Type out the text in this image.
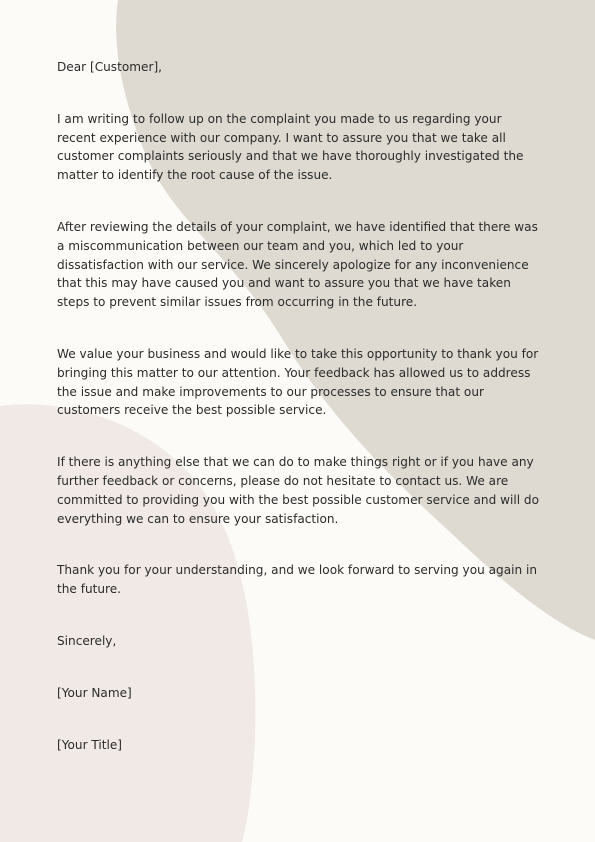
Dear [Customer],

I am writing to follow up on the complaint you made to us regarding your recent experience with our company. I want to assure you that we take all customer complaints seriously and that we have thoroughly investigated the matter to identify the root cause of the issue.

After reviewing the details of your complaint, we have identified that there was a miscommunication between our team and you, which led to your dissatisfaction with our service. We sincerely apologize for any inconvenience that this may have caused you and want to assure you that we have taken steps to prevent similar issues from occurring in the future.

We value your business and would like to take this opportunity to thank you for bringing this matter to our attention. Your feedback has allowed us to address the issue and make improvements to our processes to ensure that our customers receive the best possible service.

If there is anything else that we can do to make things right or if you have any further feedback or concerns, please do not hesitate to contact us. We are committed to providing you with the best possible customer service and will do everything we can to ensure your satisfaction.

Thank you for your understanding, and we look forward to serving you again in the future.

Sincerely,

[Your Name]

[Your Title]
